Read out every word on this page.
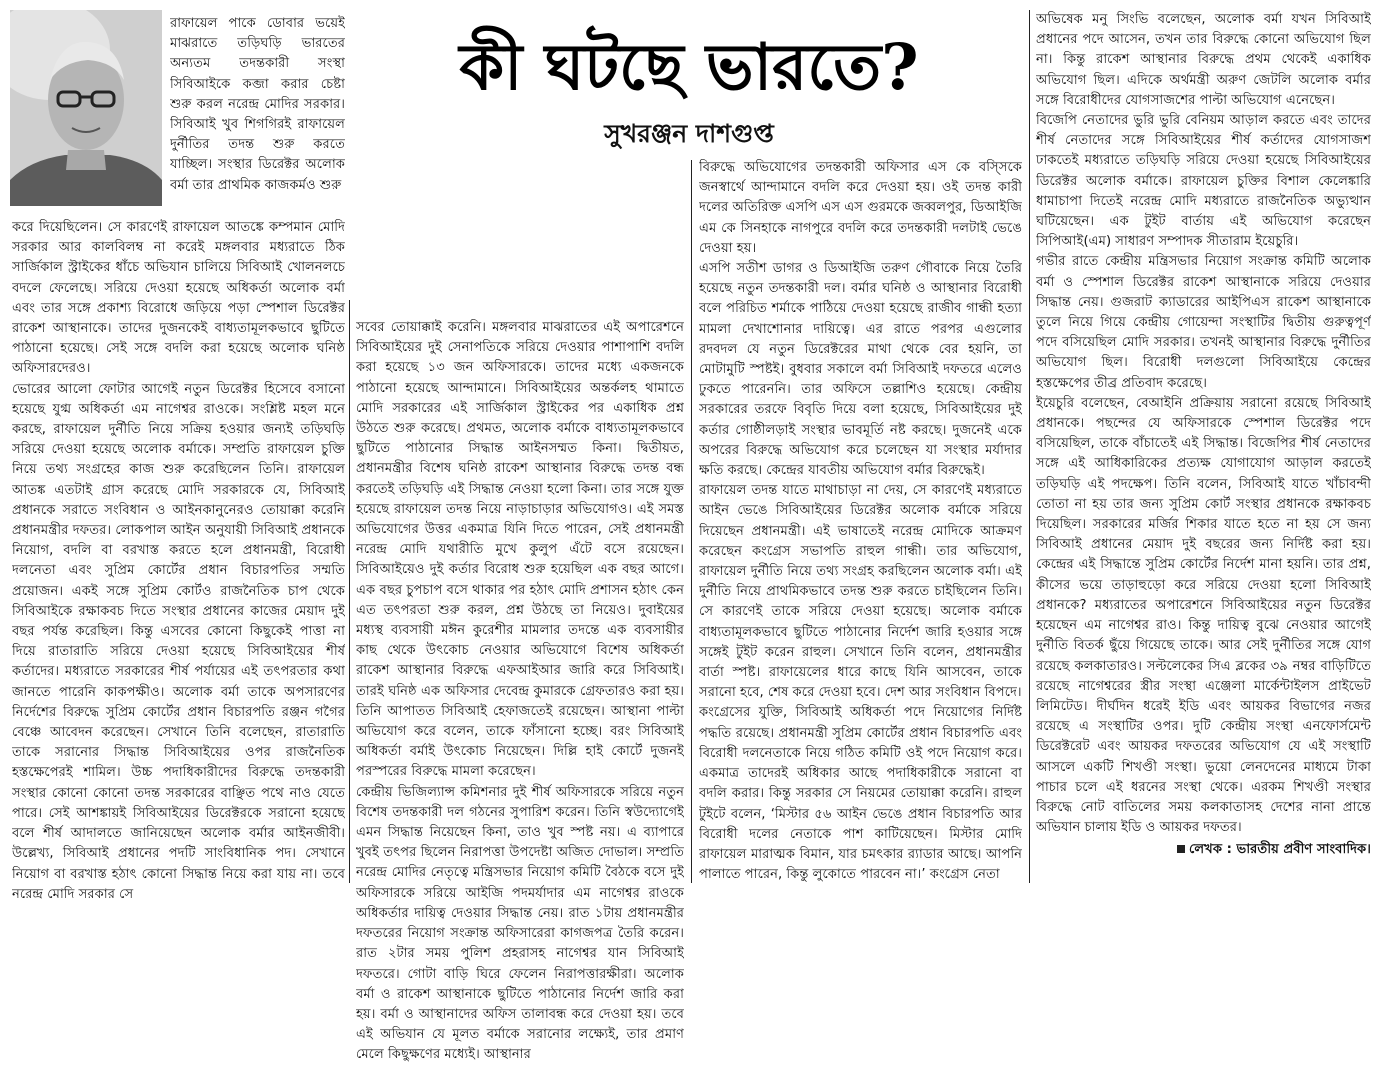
রাফায়েল পাকে ডোবার ভয়েই মাঝরাতে তড়িঘড়ি ভারতের অন্যতম তদন্তকারী সংস্থা সিবিআইকে কব্জা করার চেষ্টা শুরু করল নরেন্দ্র মোদির সরকার। সিবিআই খুব শিগগিরই রাফায়েল দুর্নীতির তদন্ত শুরু করতে যাচ্ছিল। সংস্থার ডিরেক্টর অলোক বর্মা তার প্রাথমিক কাজকর্মও শুরু
কী ঘটছে ভারতে?
সুখরঞ্জন দাশগুপ্ত

করে দিয়েছিলেন। সে কারণেই রাফায়েল আতঙ্কে কম্পমান মোদি সরকার আর কালবিলম্ব না করেই মঙ্গলবার মধ্যরাতে ঠিক সার্জিকাল স্ট্রাইকের ধাঁচে অভিযান চালিয়ে সিবিআই খোলনলচে বদলে ফেলেছে। সরিয়ে দেওয়া হয়েছে অধিকর্তা অলোক বর্মা এবং তার সঙ্গে প্রকাশ্য বিরোধে জড়িয়ে পড়া স্পেশাল ডিরেক্টর রাকেশ আস্থানাকে। তাদের দুজনকেই বাধ্যতামূলকভাবে ছুটিতে পাঠানো হয়েছে। সেই সঙ্গে বদলি করা হয়েছে অলোক ঘনিষ্ঠ অফিসারদেরও।

ভোরের আলো ফোটার আগেই নতুন ডিরেক্টর হিসেবে বসানো হয়েছে যুগ্ম অধিকর্তা এম নাগেশ্বর রাওকে। সংশ্লিষ্ট মহল মনে করছে, রাফায়েল দুর্নীতি নিয়ে সক্রিয় হওয়ার জন্যই তড়িঘড়ি সরিয়ে দেওয়া হয়েছে অলোক বর্মাকে। সম্প্রতি রাফায়েল চুক্তি নিয়ে তথ্য সংগ্রহের কাজ শুরু করেছিলেন তিনি। রাফায়েল আতঙ্ক এতটাই গ্রাস করেছে মোদি সরকারকে যে, সিবিআই প্রধানকে সরাতে সংবিধান ও আইনকানুনেরও তোয়াক্কা করেনি প্রধানমন্ত্রীর দফতর। লোকপাল আইন অনুযায়ী সিবিআই প্রধানকে নিয়োগ, বদলি বা বরখাস্ত করতে হলে প্রধানমন্ত্রী, বিরোধী দলনেতা এবং সুপ্রিম কোর্টের প্রধান বিচারপতির সম্মতি প্রয়োজন। একই সঙ্গে সুপ্রিম কোর্টও রাজনৈতিক চাপ থেকে সিবিআইকে রক্ষাকবচ দিতে সংস্থার প্রধানের কাজের মেয়াদ দুই বছর পর্যন্ত করেছিল। কিন্তু এসবের কোনো কিছুকেই পাত্তা না দিয়ে রাতারাতি সরিয়ে দেওয়া হয়েছে সিবিআইয়ের শীর্ষ কর্তাদের। মধ্যরাতে সরকারের শীর্ষ পর্যায়ের এই তৎপরতার কথা জানতে পারেনি কাকপক্ষীও। অলোক বর্মা তাকে অপসারণের নির্দেশের বিরুদ্ধে সুপ্রিম কোর্টের প্রধান বিচারপতি রঞ্জন গগৈর বেঞ্চে আবেদন করেছেন। সেখানে তিনি বলেছেন, রাতারাতি তাকে সরানোর সিদ্ধান্ত সিবিআইয়ের ওপর রাজনৈতিক হস্তক্ষেপেরই শামিল। উচ্চ পদাধিকারীদের বিরুদ্ধে তদন্তকারী সংস্থার কোনো কোনো তদন্ত সরকারের বাঞ্ছিত পথে নাও যেতে পারে। সেই আশঙ্কায়ই সিবিআইয়ের ডিরেক্টরকে সরানো হয়েছে বলে শীর্ষ আদালতে জানিয়েছেন অলোক বর্মার আইনজীবী। উল্লেখ্য, সিবিআই প্রধানের পদটি সাংবিধানিক পদ। সেখানে নিয়োগ বা বরখাস্ত হঠাৎ কোনো সিদ্ধান্ত নিয়ে করা যায় না। তবে নরেন্দ্র মোদি সরকার সে

সবের তোয়াক্কাই করেনি। মঙ্গলবার মাঝরাতের এই অপারেশনে সিবিআইয়ের দুই সেনাপতিকে সরিয়ে দেওয়ার পাশাপাশি বদলি করা হয়েছে ১৩ জন অফিসারকে। তাদের মধ্যে একজনকে পাঠানো হয়েছে আন্দামানে। সিবিআইয়ের অন্তর্কলহ থামাতে মোদি সরকারের এই সার্জিকাল স্ট্রাইকের পর একাধিক প্রশ্ন উঠতে শুরু করেছে। প্রথমত, অলোক বর্মাকে বাধ্যতামূলকভাবে ছুটিতে পাঠানোর সিদ্ধান্ত আইনসম্মত কিনা। দ্বিতীয়ত, প্রধানমন্ত্রীর বিশেষ ঘনিষ্ঠ রাকেশ আস্থানার বিরুদ্ধে তদন্ত বন্ধ করতেই তড়িঘড়ি এই সিদ্ধান্ত নেওয়া হলো কিনা। তার সঙ্গে যুক্ত হয়েছে রাফায়েল তদন্ত নিয়ে নাড়াচাড়ার অভিযোগও। এই সমস্ত অভিযোগের উত্তর একমাত্র যিনি দিতে পারেন, সেই প্রধানমন্ত্রী নরেন্দ্র মোদি যথারীতি মুখে কুলুপ এঁটে বসে রয়েছেন। সিবিআইয়েও দুই কর্তার বিরোধ শুরু হয়েছিল এক বছর আগে। এক বছর চুপচাপ বসে থাকার পর হঠাৎ মোদি প্রশাসন হঠাৎ কেন এত তৎপরতা শুরু করল, প্রশ্ন উঠছে তা নিয়েও। দুবাইয়ের মধ্যস্থ ব্যবসায়ী মঈন কুরেশীর মামলার তদন্তে এক ব্যবসায়ীর কাছ থেকে উৎকোচ নেওয়ার অভিযোগে বিশেষ অধিকর্তা রাকেশ আস্থানার বিরুদ্ধে এফআইআর জারি করে সিবিআই। তারই ঘনিষ্ঠ এক অফিসার দেবেন্দ্র কুমারকে গ্রেফতারও করা হয়। তিনি আপাতত সিবিআই হেফাজতেই রয়েছেন। আস্থানা পাল্টা অভিযোগ করে বলেন, তাকে ফাঁসানো হচ্ছে। বরং সিবিআই অধিকর্তা বর্মাই উৎকোচ নিয়েছেন। দিল্লি হাই কোর্টে দুজনই পরস্পরের বিরুদ্ধে মামলা করেছেন।

কেন্দ্রীয় ভিজিল্যান্স কমিশনার দুই শীর্ষ অফিসারকে সরিয়ে নতুন বিশেষ তদন্তকারী দল গঠনের সুপারিশ করেন। তিনি স্বউদ্যোগেই এমন সিদ্ধান্ত নিয়েছেন কিনা, তাও খুব স্পষ্ট নয়। এ ব্যাপারে খুবই তৎপর ছিলেন নিরাপত্তা উপদেষ্টা অজিত দোভাল। সম্প্রতি নরেন্দ্র মোদির নেতৃত্বে মন্ত্রিসভার নিয়োগ কমিটি বৈঠকে বসে দুই অফিসারকে সরিয়ে আইজি পদমর্যাদার এম নাগেশ্বর রাওকে অধিকর্তার দায়িত্ব দেওয়ার সিদ্ধান্ত নেয়। রাত ১টায় প্রধানমন্ত্রীর দফতরের নিয়োগ সংক্রান্ত অফিসারেরা কাগজপত্র তৈরি করেন। রাত ২টার সময় পুলিশ প্রহরাসহ নাগেশ্বর যান সিবিআই দফতরে। গোটা বাড়ি ঘিরে ফেলেন নিরাপত্তারক্ষীরা। অলোক বর্মা ও রাকেশ আস্থানাকে ছুটিতে পাঠানোর নির্দেশ জারি করা হয়। বর্মা ও আস্থানাদের অফিস তালাবন্ধ করে দেওয়া হয়। তবে এই অভিযান যে মূলত বর্মাকে সরানোর লক্ষ্যেই, তার প্রমাণ মেলে কিছুক্ষণের মধ্যেই। আস্থানার

বিরুদ্ধে অভিযোগের তদন্তকারী অফিসার এস কে বস্সিকে জনস্বার্থে আন্দামানে বদলি করে দেওয়া হয়। ওই তদন্ত কারী দলের অতিরিক্ত এসপি এস এস গুরমকে জব্বলপুর, ডিআইজি এম কে সিনহাকে নাগপুরে বদলি করে তদন্তকারী দলটাই ভেঙে দেওয়া হয়।

এসপি সতীশ ডাগর ও ডিআইজি তরুণ গৌবাকে নিয়ে তৈরি হয়েছে নতুন তদন্তকারী দল। বর্মার ঘনিষ্ঠ ও আস্থানার বিরোধী বলে পরিচিত শর্মাকে পাঠিয়ে দেওয়া হয়েছে রাজীব গান্ধী হত্যা মামলা দেখাশোনার দায়িত্বে। এর রাতে পরপর এগুলোর রদবদল যে নতুন ডিরেক্টরের মাথা থেকে বের হয়নি, তা মোটামুটি স্পষ্টই। বুধবার সকালে বর্মা সিবিআই দফতরে এলেও ঢুকতে পারেননি। তার অফিসে তল্লাশিও হয়েছে। কেন্দ্রীয় সরকারের তরফে বিবৃতি দিয়ে বলা হয়েছে, সিবিআইয়ের দুই কর্তার গোষ্ঠীলড়াই সংস্থার ভাবমূর্তি নষ্ট করছে। দুজনেই একে অপরের বিরুদ্ধে অভিযোগ করে চলেছেন যা সংস্থার মর্যাদার ক্ষতি করছে। কেন্দ্রের যাবতীয় অভিযোগ বর্মার বিরুদ্ধেই।

রাফায়েল তদন্ত যাতে মাথাচাড়া না দেয়, সে কারণেই মধ্যরাতে আইন ভেঙে সিবিআইয়ের ডিরেক্টর অলোক বর্মাকে সরিয়ে দিয়েছেন প্রধানমন্ত্রী। এই ভাষাতেই নরেন্দ্র মোদিকে আক্রমণ করেছেন কংগ্রেস সভাপতি রাহুল গান্ধী। তার অভিযোগ, রাফায়েল দুর্নীতি নিয়ে তথ্য সংগ্রহ করছিলেন অলোক বর্মা। এই দুর্নীতি নিয়ে প্রাথমিকভাবে তদন্ত শুরু করতে চাইছিলেন তিনি। সে কারণেই তাকে সরিয়ে দেওয়া হয়েছে। অলোক বর্মাকে বাধ্যতামূলকভাবে ছুটিতে পাঠানোর নির্দেশ জারি হওয়ার সঙ্গে সঙ্গেই টুইট করেন রাহুল। সেখানে তিনি বলেন, প্রধানমন্ত্রীর বার্তা স্পষ্ট। রাফায়েলের ধারে কাছে যিনি আসবেন, তাকে সরানো হবে, শেষ করে দেওয়া হবে। দেশ আর সংবিধান বিপদে।

কংগ্রেসের যুক্তি, সিবিআই অধিকর্তা পদে নিয়োগের নির্দিষ্ট পদ্ধতি রয়েছে। প্রধানমন্ত্রী সুপ্রিম কোর্টের প্রধান বিচারপতি এবং বিরোধী দলনেতাকে নিয়ে গঠিত কমিটি ওই পদে নিয়োগ করে। একমাত্র তাদেরই অধিকার আছে পদাধিকারীকে সরানো বা বদলি করার। কিন্তু সরকার সে নিয়মের তোয়াক্কা করেনি। রাহুল টুইটে বলেন, ‘মিস্টার ৫৬ আইন ভেঙে প্রধান বিচারপতি আর বিরোধী দলের নেতাকে পাশ কাটিয়েছেন। মিস্টার মোদি রাফায়েল মারাত্মক বিমান, যার চমৎকার র‍্যাডার আছে। আপনি পালাতে পারেন, কিন্তু লুকোতে পারবেন না।’ কংগ্রেস নেতা

অভিষেক মনু সিংভি বলেছেন, অলোক বর্মা যখন সিবিআই প্রধানের পদে আসেন, তখন তার বিরুদ্ধে কোনো অভিযোগ ছিল না। কিন্তু রাকেশ আস্থানার বিরুদ্ধে প্রথম থেকেই একাধিক অভিযোগ ছিল। এদিকে অর্থমন্ত্রী অরুণ জেটলি অলোক বর্মার সঙ্গে বিরোধীদের যোগসাজশের পাল্টা অভিযোগ এনেছেন।

বিজেপি নেতাদের ভুরি ভুরি বেনিয়ম আড়াল করতে এবং তাদের শীর্ষ নেতাদের সঙ্গে সিবিআইয়ের শীর্ষ কর্তাদের যোগসাজশ ঢাকতেই মধ্যরাতে তড়িঘড়ি সরিয়ে দেওয়া হয়েছে সিবিআইয়ের ডিরেক্টর অলোক বর্মাকে। রাফায়েল চুক্তির বিশাল কেলেঙ্কারি ধামাচাপা দিতেই নরেন্দ্র মোদি মধ্যরাতে রাজনৈতিক অভ্যুত্থান ঘটিয়েছেন। এক টুইট বার্তায় এই অভিযোগ করেছেন সিপিআই(এম) সাধারণ সম্পাদক সীতারাম ইয়েচুরি।

গভীর রাতে কেন্দ্রীয় মন্ত্রিসভার নিয়োগ সংক্রান্ত কমিটি অলোক বর্মা ও স্পেশাল ডিরেক্টর রাকেশ আস্থানাকে সরিয়ে দেওয়ার সিদ্ধান্ত নেয়। গুজরাট ক্যাডারের আইপিএস রাকেশ আস্থানাকে তুলে নিয়ে গিয়ে কেন্দ্রীয় গোয়েন্দা সংস্থাটির দ্বিতীয় গুরুত্বপূর্ণ পদে বসিয়েছিল মোদি সরকার। তখনই আস্থানার বিরুদ্ধে দুর্নীতির অভিযোগ ছিল। বিরোধী দলগুলো সিবিআইয়ে কেন্দ্রের হস্তক্ষেপের তীব্র প্রতিবাদ করেছে।

ইয়েচুরি বলেছেন, বেআইনি প্রক্রিয়ায় সরানো রয়েছে সিবিআই প্রধানকে। পছন্দের যে অফিসারকে স্পেশাল ডিরেক্টর পদে বসিয়েছিল, তাকে বাঁচাতেই এই সিদ্ধান্ত। বিজেপির শীর্ষ নেতাদের সঙ্গে এই আধিকারিকের প্রত্যক্ষ যোগাযোগ আড়াল করতেই তড়িঘড়ি এই পদক্ষেপ। তিনি বলেন, সিবিআই যাতে খাঁচাবন্দী তোতা না হয় তার জন্য সুপ্রিম কোর্ট সংস্থার প্রধানকে রক্ষাকবচ দিয়েছিল। সরকারের মর্জির শিকার যাতে হতে না হয় সে জন্য সিবিআই প্রধানের মেয়াদ দুই বছরের জন্য নির্দিষ্ট করা হয়। কেন্দ্রের এই সিদ্ধান্তে সুপ্রিম কোর্টের নির্দেশ মানা হয়নি। তার প্রশ্ন, কীসের ভয়ে তাড়াহুড়ো করে সরিয়ে দেওয়া হলো সিবিআই প্রধানকে? মধ্যরাতের অপারেশনে সিবিআইয়ের নতুন ডিরেক্টর হয়েছেন এম নাগেশ্বর রাও। কিন্তু দায়িত্ব বুঝে নেওয়ার আগেই দুর্নীতি বিতর্ক ছুঁয়ে গিয়েছে তাকে। আর সেই দুর্নীতির সঙ্গে যোগ রয়েছে কলকাতারও। সল্টলেকের সিএ ব্লকের ৩৯ নম্বর বাড়িটিতে রয়েছে নাগেশ্বরের স্ত্রীর সংস্থা এঞ্জেলা মার্কেন্টাইলস প্রাইভেট লিমিটেড। দীর্ঘদিন ধরেই ইডি এবং আয়কর বিভাগের নজর রয়েছে এ সংস্থাটির ওপর। দুটি কেন্দ্রীয় সংস্থা এনফোর্সমেন্ট ডিরেক্টরেট এবং আয়কর দফতরের অভিযোগ যে এই সংস্থাটি আসলে একটি শিখণ্ডী সংস্থা। ভুয়ো লেনদেনের মাধ্যমে টাকা পাচার চলে এই ধরনের সংস্থা থেকে। এরকম শিখণ্ডী সংস্থার বিরুদ্ধে নোট বাতিলের সময় কলকাতাসহ দেশের নানা প্রান্তে অভিযান চালায় ইডি ও আয়কর দফতর।

লেখক : ভারতীয় প্রবীণ সাংবাদিক।
